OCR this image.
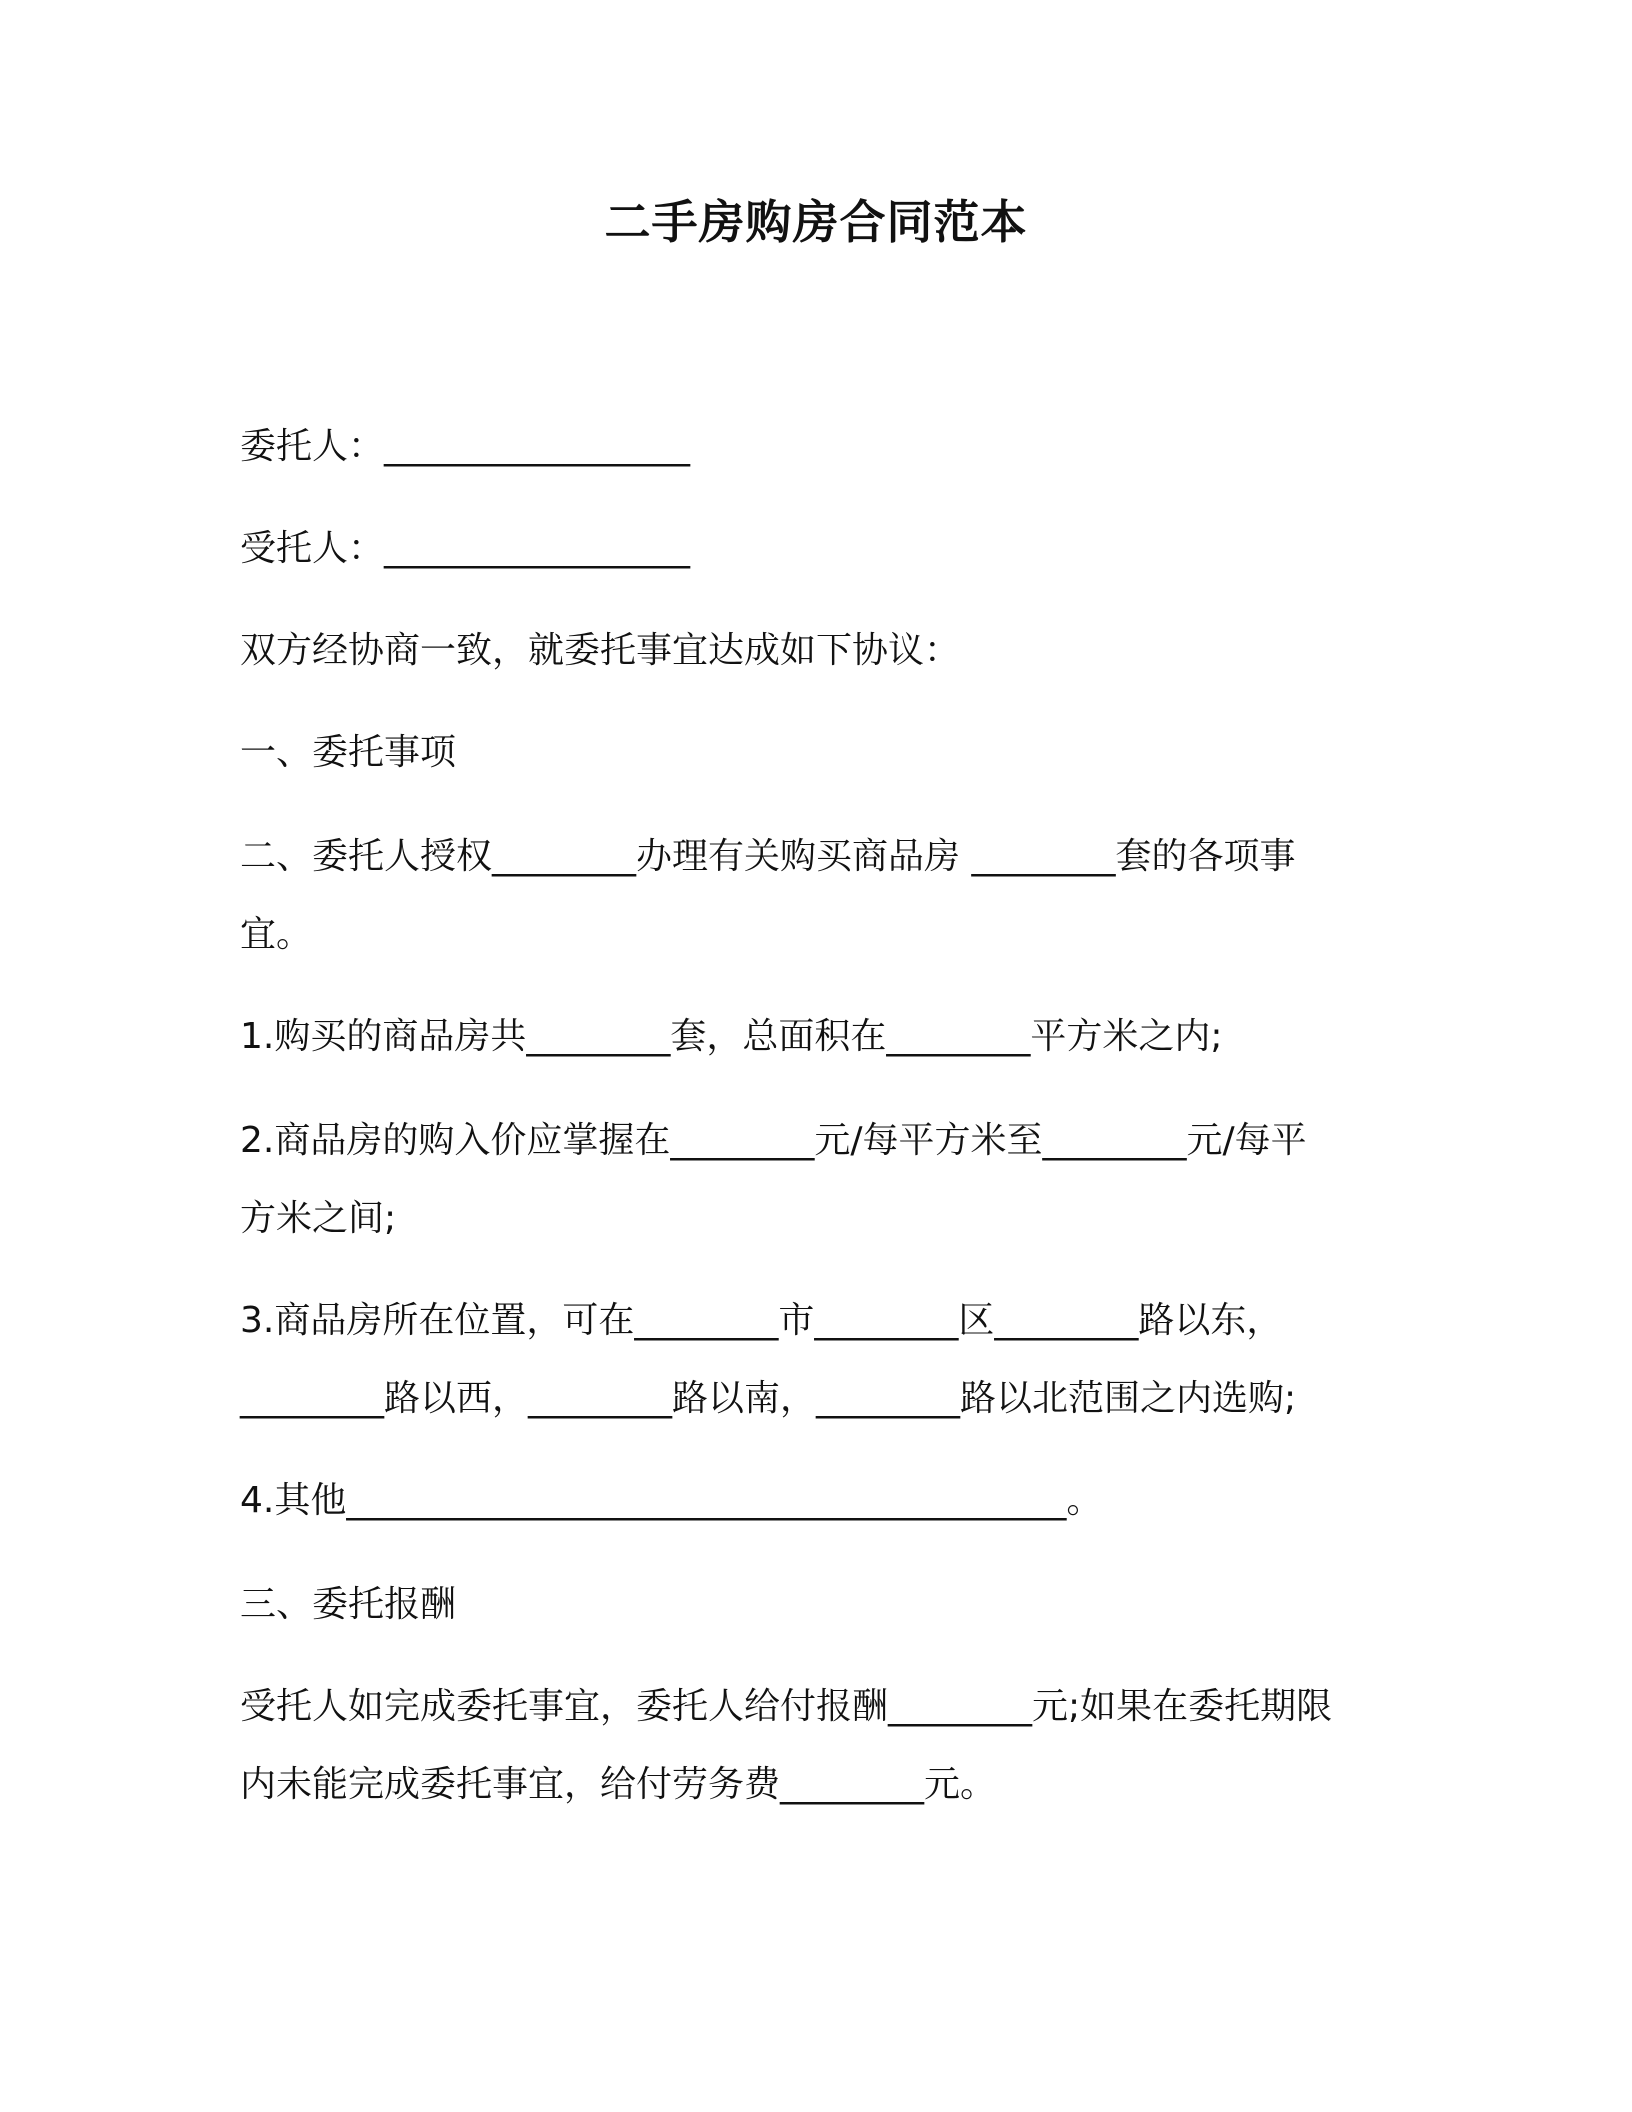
二手房购房合同范本
委托人：_________________
受托人：_________________
双方经协商一致，就委托事宜达成如下协议：
一、委托事项
二、委托人授权________办理有关购买商品房 ________套的各项事
宜。
1.购买的商品房共________套，总面积在________平方米之内;
2.商品房的购入价应掌握在________元/每平方米至________元/每平
方米之间;
3.商品房所在位置，可在________市________区________路以东，
________路以西，________路以南，________路以北范围之内选购;
4.其他________________________________________。
三、委托报酬
受托人如完成委托事宜，委托人给付报酬________元;如果在委托期限
内未能完成委托事宜，给付劳务费________元。
